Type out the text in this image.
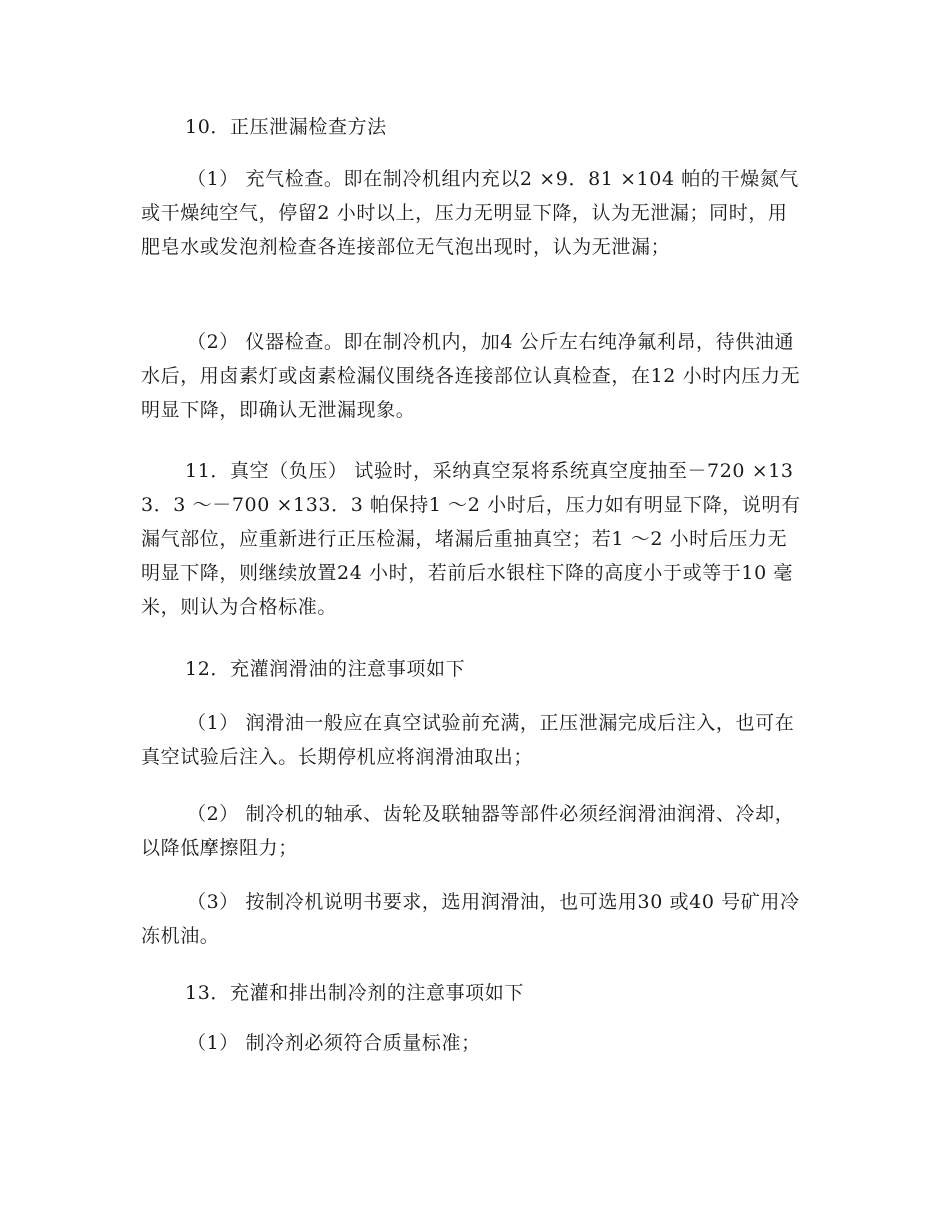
10．正压泄漏检查方法

（1） 充气检查。即在制冷机组内充以2 ×9．81 ×104 帕的干燥氮气或干燥纯空气，停留2 小时以上，压力无明显下降，认为无泄漏；同时，用肥皂水或发泡剂检查各连接部位无气泡出现时，认为无泄漏；

（2） 仪器检查。即在制冷机内，加4 公斤左右纯净氟利昂，待供油通水后，用卤素灯或卤素检漏仪围绕各连接部位认真检查，在12 小时内压力无明显下降，即确认无泄漏现象。

11．真空（负压） 试验时，采纳真空泵将系统真空度抽至－720 ×133．3 ～－700 ×133．3 帕保持1 ～2 小时后，压力如有明显下降，说明有漏气部位，应重新进行正压检漏，堵漏后重抽真空；若1 ～2 小时后压力无明显下降，则继续放置24 小时，若前后水银柱下降的高度小于或等于10 毫米，则认为合格标准。

12．充灌润滑油的注意事项如下

（1） 润滑油一般应在真空试验前充满，正压泄漏完成后注入，也可在真空试验后注入。长期停机应将润滑油取出；

（2） 制冷机的轴承、齿轮及联轴器等部件必须经润滑油润滑、冷却，以降低摩擦阻力；

（3） 按制冷机说明书要求，选用润滑油，也可选用30 或40 号矿用冷冻机油。

13．充灌和排出制冷剂的注意事项如下

（1） 制冷剂必须符合质量标准；
